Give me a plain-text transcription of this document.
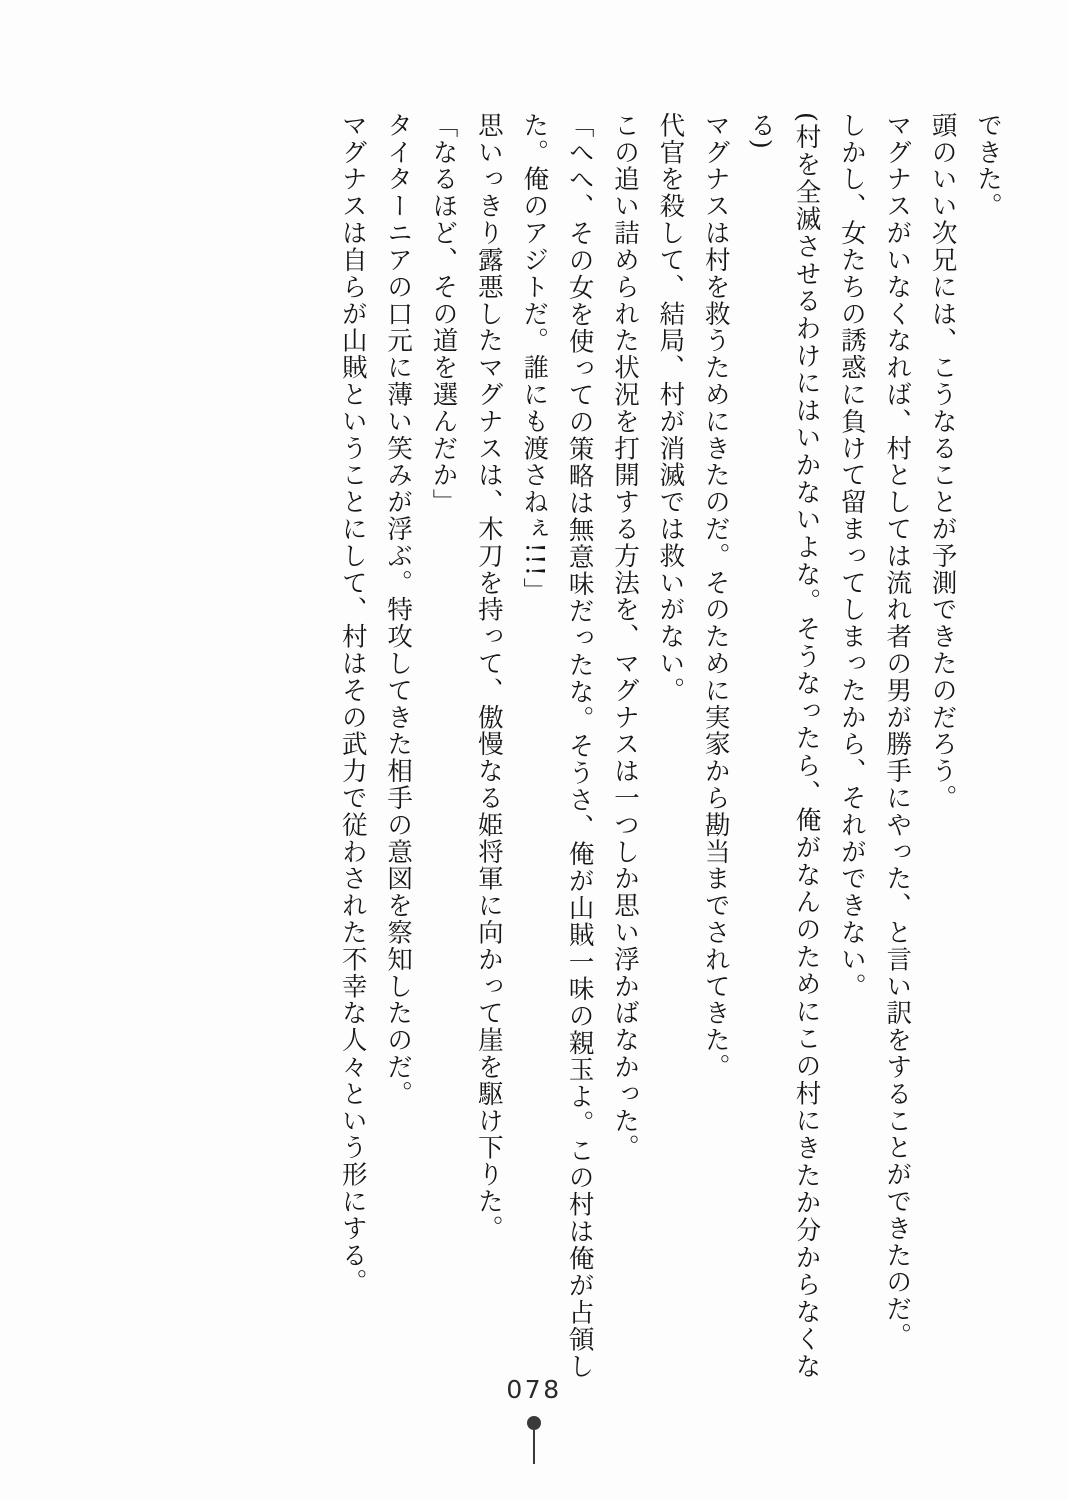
できた。

頭のいい次兄には、こうなることが予測できたのだろう。

マグナスがいなくなれば、村としては流れ者の男が勝手にやった、と言い訳をすることができたのだ。

しかし、女たちの誘惑に負けて留まってしまったから、それができない。

(村を全滅させるわけにはいかないよな。そうなったら、俺がなんのためにこの村にきたか分からなくなる)

マグナスは村を救うためにきたのだ。そのために実家から勘当までされてきた。

代官を殺して、結局、村が消滅では救いがない。

この追い詰められた状況を打開する方法を、マグナスは一つしか思い浮かばなかった。

「へへ、その女を使っての策略は無意味だったな。そうさ、俺が山賊一味の親玉よ。この村は俺が占領した。俺のアジトだ。誰にも渡さねぇ!!!」

思いっきり露悪したマグナスは、木刀を持って、傲慢なる姫将軍に向かって崖を駆け下りた。

「なるほど、その道を選んだか」

タイターニアの口元に薄い笑みが浮ぶ。特攻してきた相手の意図を察知したのだ。

マグナスは自らが山賊ということにして、村はその武力で従わされた不幸な人々という形にする。

078
